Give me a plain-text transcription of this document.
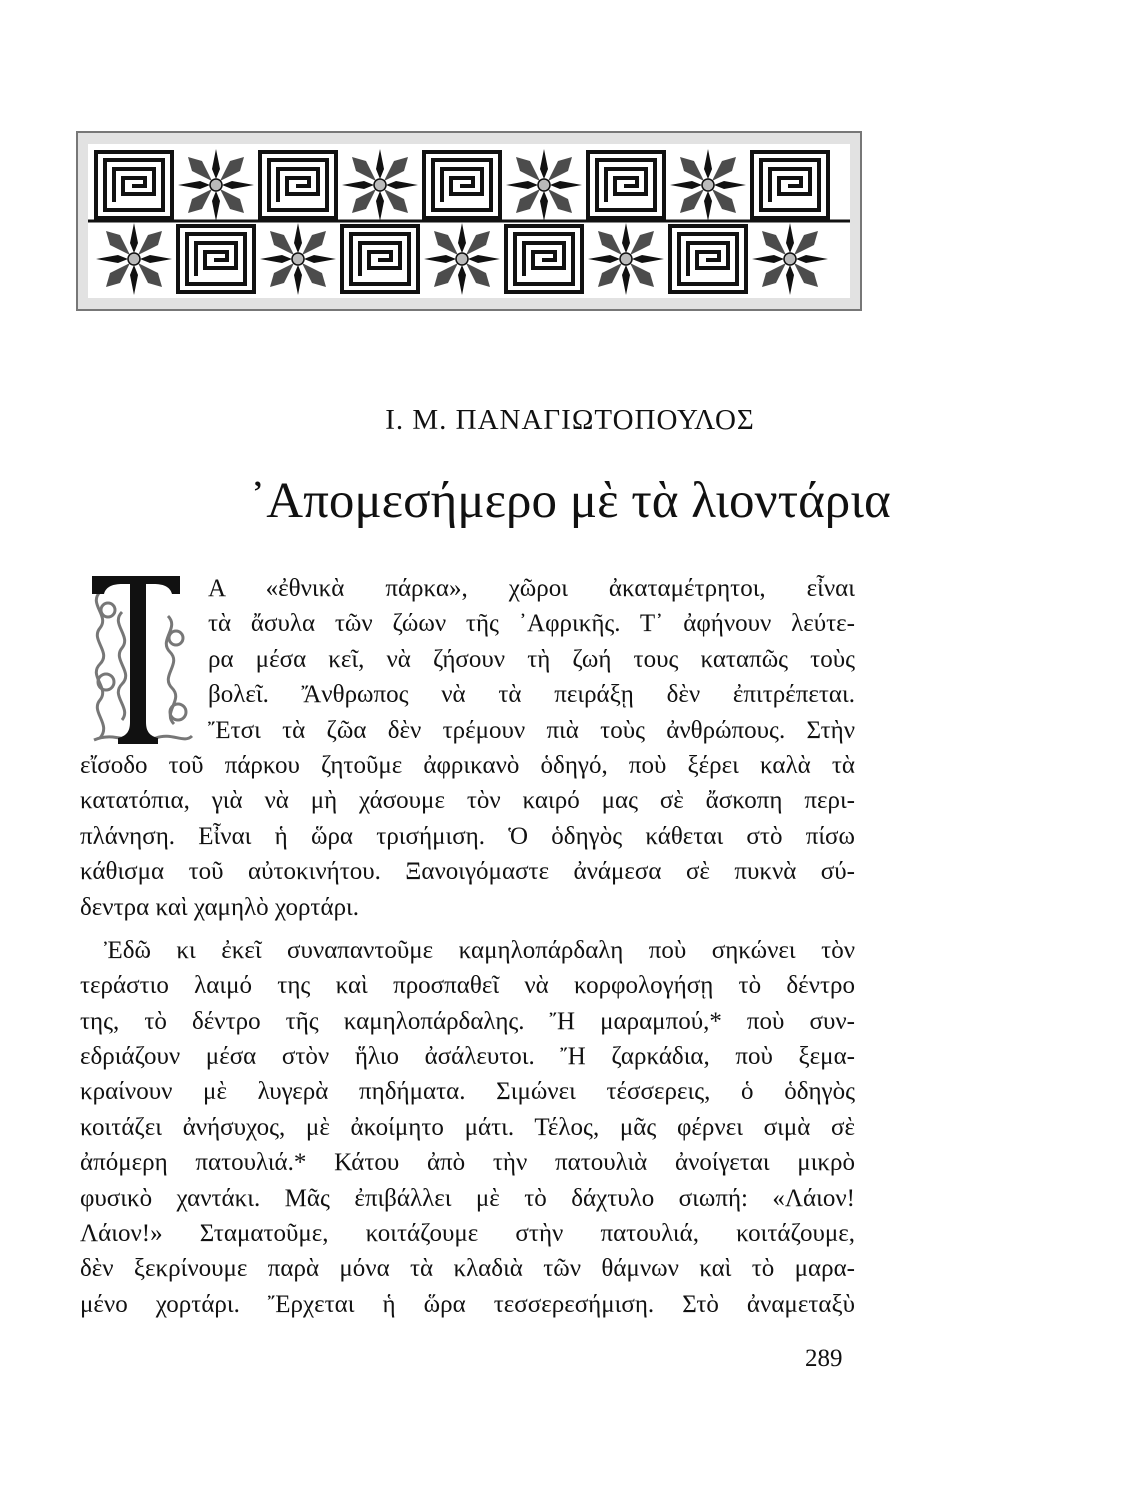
Ι. Μ. ΠΑΝΑΓΙΩΤΟΠΟΥΛΟΣ
᾿Απομεσήμερο μὲ τὰ λιοντάρια
Α «ἐθνικὰ πάρκα», χῶροι ἀκαταμέτρητοι, εἶναι
τὰ ἄσυλα τῶν ζώων τῆς ᾿Αφρικῆς. Τ᾿ ἀφήνουν λεύτε-
ρα μέσα κεῖ, νὰ ζήσουν τὴ ζωή τους καταπῶς τοὺς
βολεῖ. Ἄνθρωπος νὰ τὰ πειράξῃ δὲν ἐπιτρέπεται.
Ἔτσι τὰ ζῶα δὲν τρέμουν πιὰ τοὺς ἀνθρώπους. Στὴν
εἴσοδο τοῦ πάρκου ζητοῦμε ἀφρικανὸ ὁδηγό, ποὺ ξέρει καλὰ τὰ
κατατόπια, γιὰ νὰ μὴ χάσουμε τὸν καιρό μας σὲ ἄσκοπη περι-
πλάνηση. Εἶναι ἡ ὥρα τρισήμιση. Ὁ ὁδηγὸς κάθεται στὸ πίσω
κάθισμα τοῦ αὐτοκινήτου. Ξανοιγόμαστε ἀνάμεσα σὲ πυκνὰ σύ-
δεντρα καὶ χαμηλὸ χορτάρι.
Ἐδῶ κι ἐκεῖ συναπαντοῦμε καμηλοπάρδαλη ποὺ σηκώνει τὸν
τεράστιο λαιμό της καὶ προσπαθεῖ νὰ κορφολογήσῃ τὸ δέντρο
της, τὸ δέντρο τῆς καμηλοπάρδαλης. Ἤ μαραμπού,* ποὺ συν-
εδριάζουν μέσα στὸν ἥλιο ἀσάλευτοι. Ἤ ζαρκάδια, ποὺ ξεμα-
κραίνουν μὲ λυγερὰ πηδήματα. Σιμώνει τέσσερεις, ὁ ὁδηγὸς
κοιτάζει ἀνήσυχος, μὲ ἀκοίμητο μάτι. Τέλος, μᾶς φέρνει σιμὰ σὲ
ἀπόμερη πατουλιά.* Κάτου ἀπὸ τὴν πατουλιὰ ἀνοίγεται μικρὸ
φυσικὸ χαντάκι. Μᾶς ἐπιβάλλει μὲ τὸ δάχτυλο σιωπή: «Λάιον!
Λάιον!» Σταματοῦμε, κοιτάζουμε στὴν πατουλιά, κοιτάζουμε,
δὲν ξεκρίνουμε παρὰ μόνα τὰ κλαδιὰ τῶν θάμνων καὶ τὸ μαρα-
μένο χορτάρι. Ἔρχεται ἡ ὥρα τεσσερεσήμιση. Στὸ ἀναμεταξὺ
289
